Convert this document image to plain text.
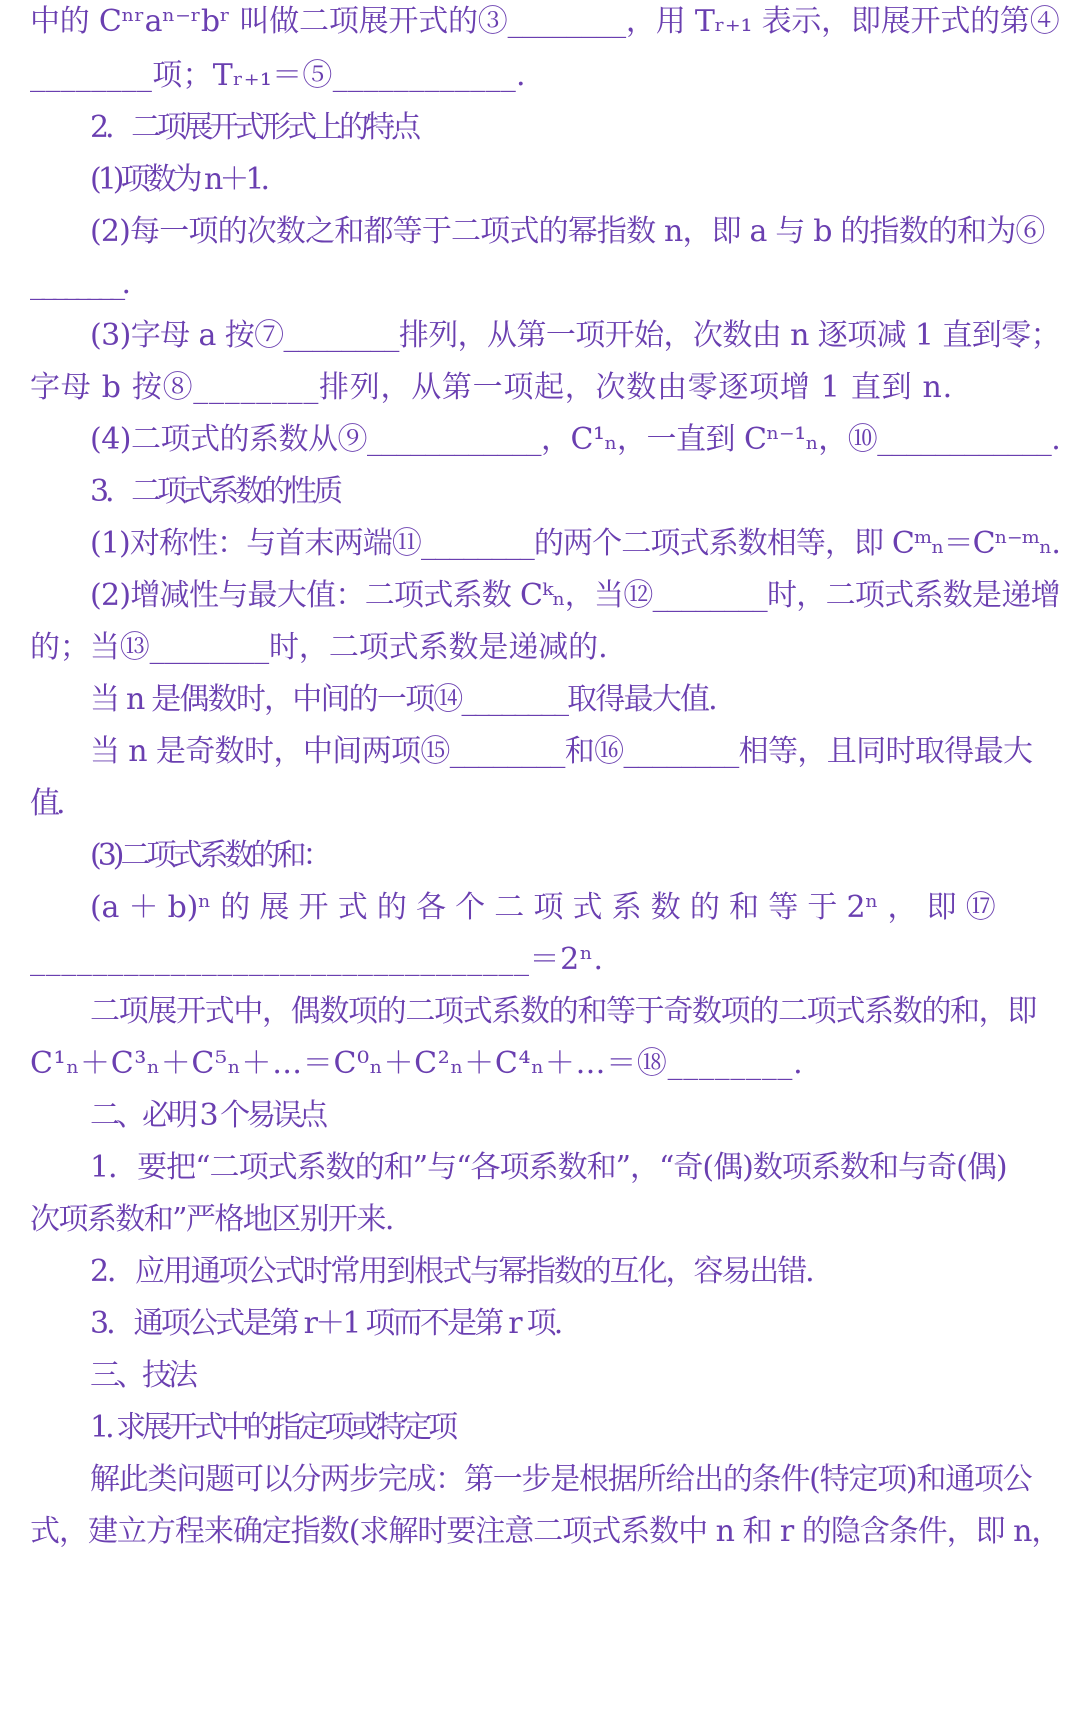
中的 Cⁿʳaⁿ⁻ʳbʳ 叫做二项展开式的③________，用 Tᵣ₊₁ 表示，即展开式的第④
________项；Tᵣ₊₁＝⑤____________.
2．二项展开式形式上的特点
(1)项数为 n＋1.
(2)每一项的次数之和都等于二项式的幂指数 n，即 a 与 b 的指数的和为⑥
________.
(3)字母 a 按⑦________排列，从第一项开始，次数由 n 逐项减 1 直到零；
字母 b 按⑧________排列，从第一项起，次数由零逐项增 1 直到 n.
(4)二项式的系数从⑨____________，C¹ₙ，一直到 Cⁿ⁻¹ₙ，⑩____________.
3．二项式系数的性质
(1)对称性：与首末两端⑪________的两个二项式系数相等，即 Cᵐₙ＝Cⁿ⁻ᵐₙ.
(2)增减性与最大值：二项式系数 Cᵏₙ，当⑫________时，二项式系数是递增
的；当⑬________时，二项式系数是递减的.
当 n 是偶数时，中间的一项⑭________取得最大值.
当 n 是奇数时，中间两项⑮________和⑯________相等，且同时取得最大
值.
(3)二项式系数的和：
(a ＋ b)ⁿ 的 展 开 式 的 各 个 二 项 式 系 数 的 和 等 于 2ⁿ ， 即 ⑰
________________________________＝2ⁿ.
二项展开式中，偶数项的二项式系数的和等于奇数项的二项式系数的和，即
C¹ₙ＋C³ₙ＋C⁵ₙ＋…＝C⁰ₙ＋C²ₙ＋C⁴ₙ＋…＝⑱________.
二、必明 3 个易误点
1．要把“二项式系数的和”与“各项系数和”，“奇(偶)数项系数和与奇(偶)
次项系数和”严格地区别开来.
2．应用通项公式时常用到根式与幂指数的互化，容易出错.
3．通项公式是第 r＋1 项而不是第 r 项.
三、技法
1. 求展开式中的指定项或特定项
解此类问题可以分两步完成：第一步是根据所给出的条件(特定项)和通项公
式，建立方程来确定指数(求解时要注意二项式系数中 n 和 r 的隐含条件，即 n，
